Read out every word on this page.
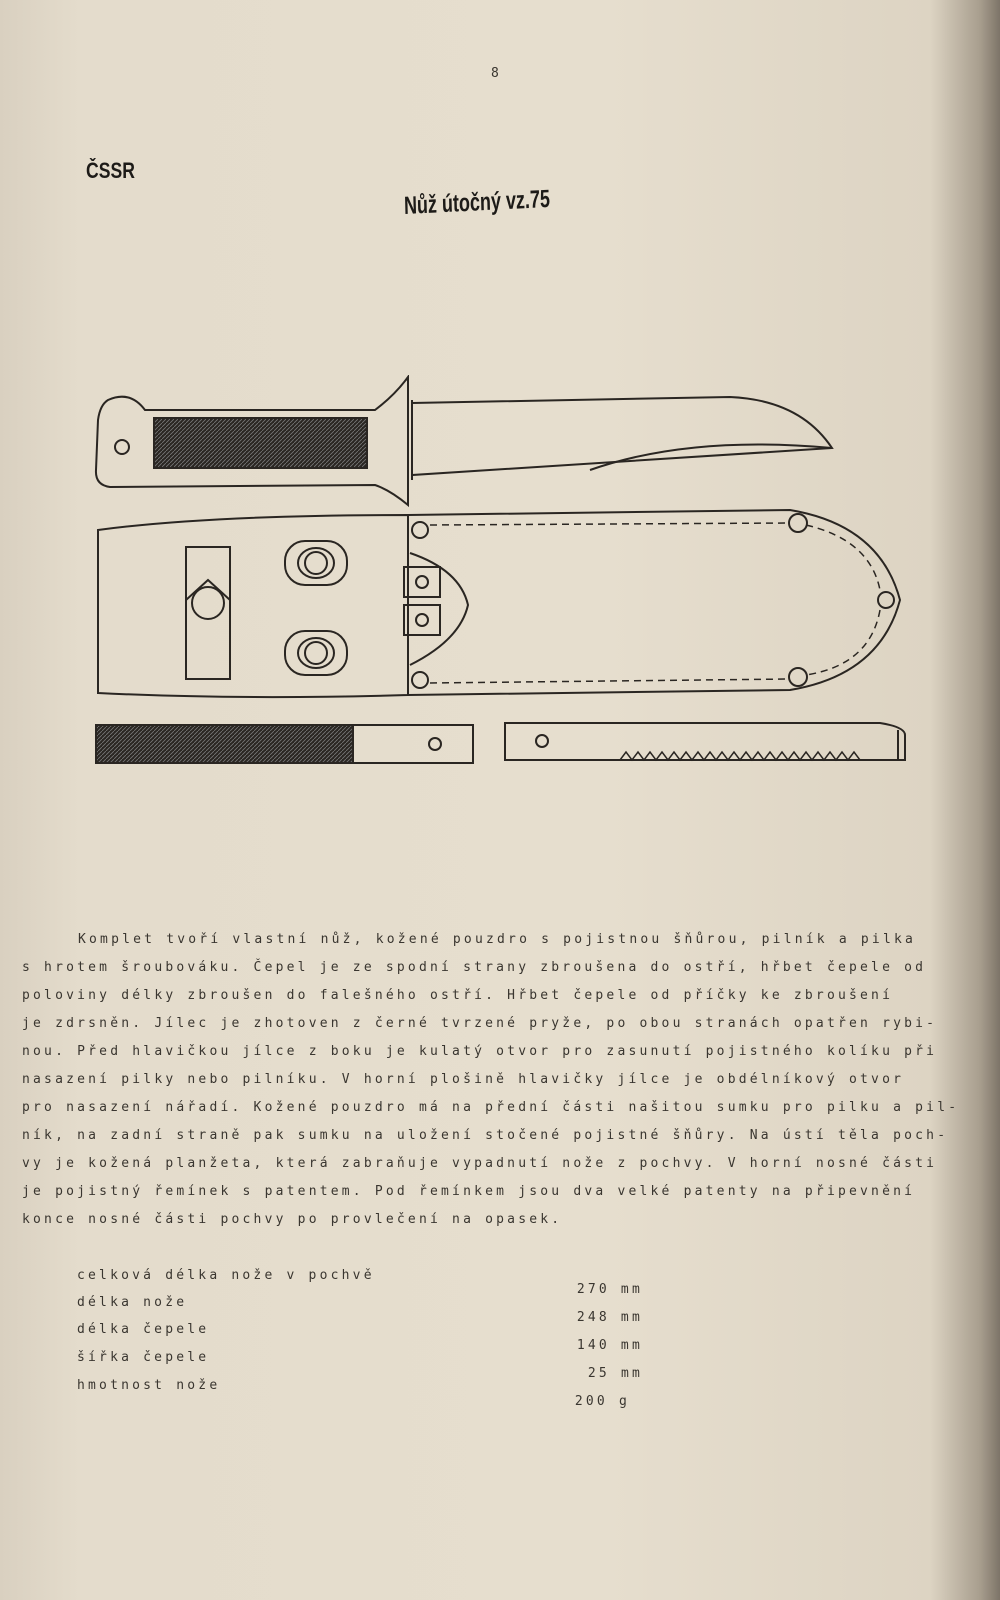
8
ČSSR
Nůž útočný vz.75
Komplet tvoří vlastní nůž, kožené pouzdro s pojistnou šňůrou, pilník a pilka
s hrotem šroubováku. Čepel je ze spodní strany zbroušena do ostří, hřbet čepele od
poloviny délky zbroušen do falešného ostří. Hřbet čepele od příčky ke zbroušení
je zdrsněn. Jílec je zhotoven z černé tvrzené pryže, po obou stranách opatřen rybi-
nou. Před hlavičkou jílce z boku je kulatý otvor pro zasunutí pojistného kolíku při
nasazení pilky nebo pilníku. V horní plošině hlavičky jílce je obdélníkový otvor
pro nasazení nářadí. Kožené pouzdro má na přední části našitou sumku pro pilku a pil-
ník, na zadní straně pak sumku na uložení stočené pojistné šňůry. Na ústí těla poch-
vy je kožená planžeta, která zabraňuje vypadnutí nože z pochvy. V horní nosné části
je pojistný řemínek s patentem. Pod řemínkem jsou dva velké patenty na připevnění
konce nosné části pochvy po provlečení na opasek.
celková délka nože v pochvě
délka nože
délka čepele
šířka čepele
hmotnost nože
270 mm
248 mm
140 mm
25 mm
200 g
